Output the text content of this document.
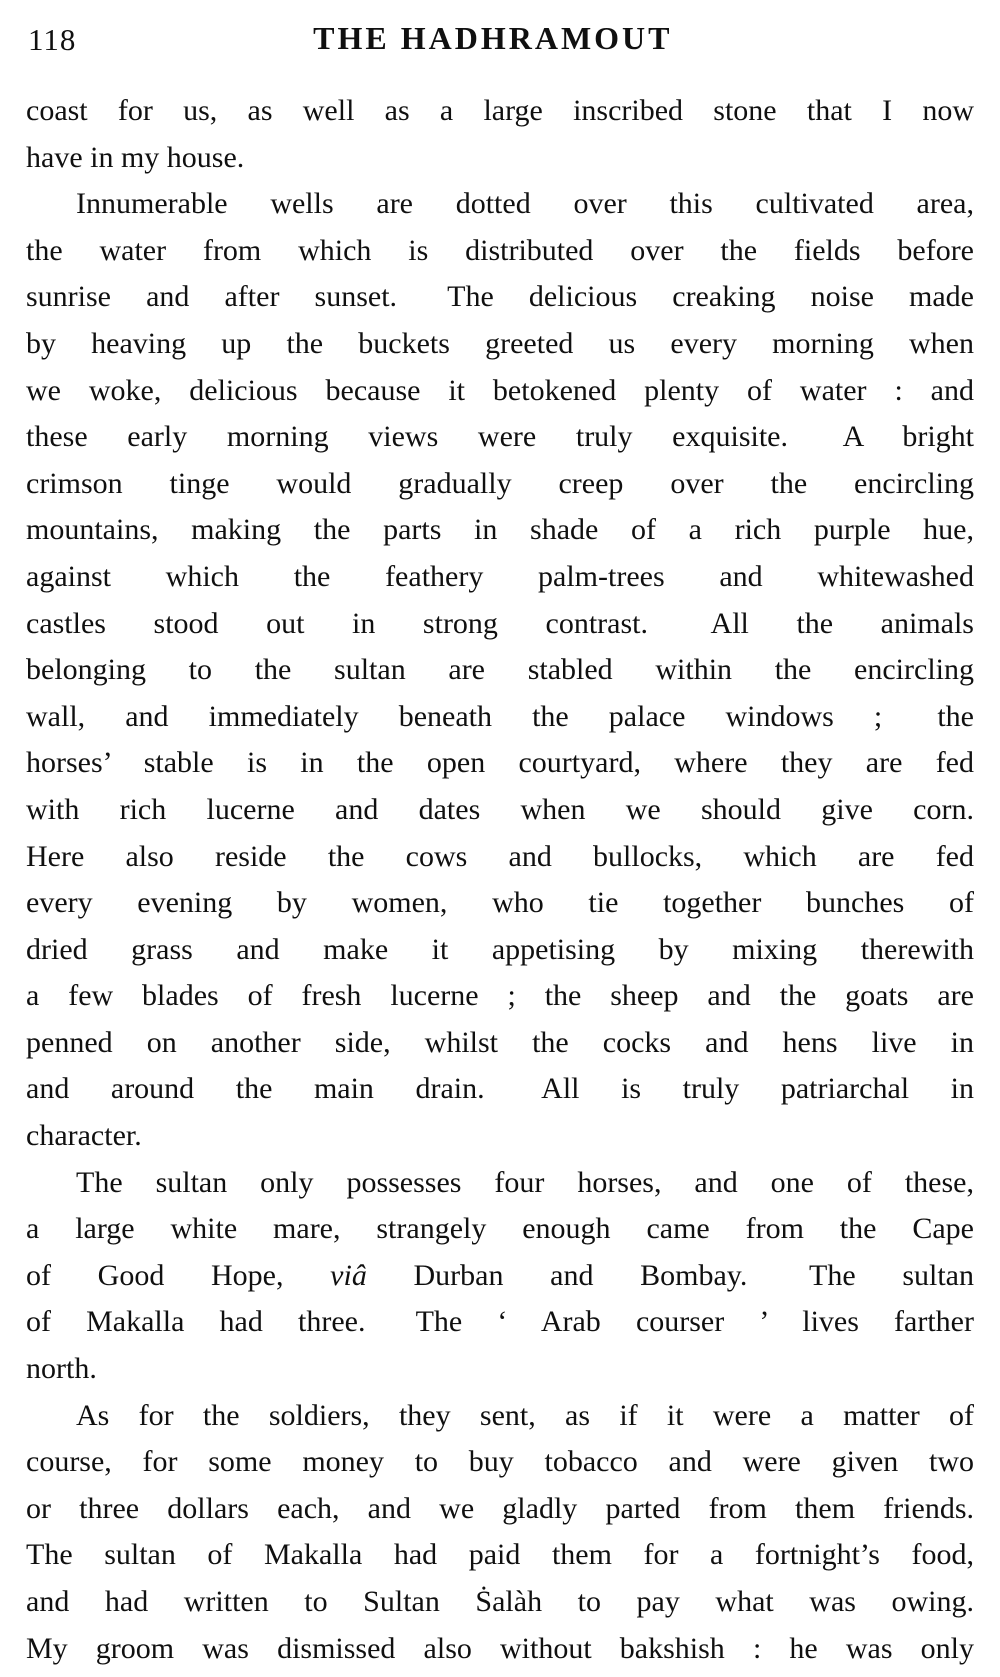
118	THE HADHRAMOUT
coast for us, as well as a large inscribed stone that I now
have in my house.
Innumerable wells are dotted over this cultivated area,
the water from which is distributed over the fields before
sunrise and after sunset.  The delicious creaking noise made
by heaving up the buckets greeted us every morning when
we woke, delicious because it betokened plenty of water : and
these early morning views were truly exquisite.  A bright
crimson tinge would gradually creep over the encircling
mountains, making the parts in shade of a rich purple hue,
against which the feathery palm-trees and whitewashed
castles stood out in strong contrast.  All the animals
belonging to the sultan are stabled within the encircling
wall, and immediately beneath the palace windows ;  the
horses’ stable is in the open courtyard, where they are fed
with rich lucerne and dates when we should give corn.
Here also reside the cows and bullocks, which are fed
every evening by women, who tie together bunches of
dried grass and make it appetising by mixing therewith
a few blades of fresh lucerne ; the sheep and the goats are
penned on another side, whilst the cocks and hens live in
and around the main drain.  All is truly patriarchal in
character.
The sultan only possesses four horses, and one of these,
a large white mare, strangely enough came from the Cape
of Good Hope, viâ Durban and Bombay.  The sultan
of Makalla had three.  The ‘ Arab courser ’ lives farther
north.
As for the soldiers, they sent, as if it were a matter of
course, for some money to buy tobacco and were given two
or three dollars each, and we gladly parted from them friends.
The sultan of Makalla had paid them for a fortnight’s food,
and had written to Sultan Ṡalàh to pay what was owing.
My groom was dismissed also without bakshish : he was only
